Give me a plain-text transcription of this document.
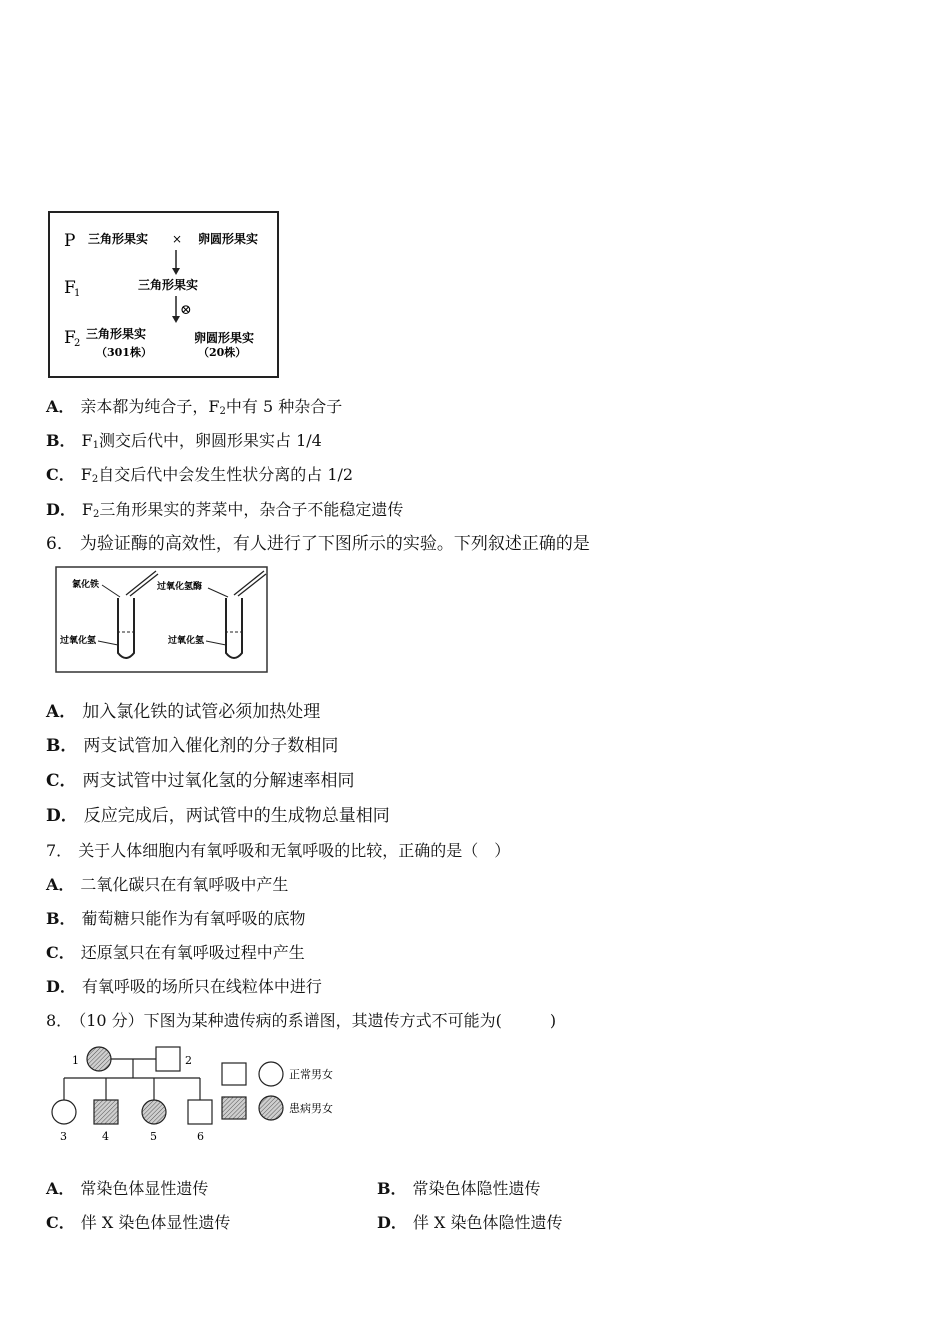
P 三角形果实 × 卵圆形果实
F
1
三角形果实
⊗
F
2
三角形果实
（301株）
卵圆形果实
（20株）
A． 亲本都为纯合子，$F_2$中有 5 种杂合子
B． $F_1$测交后代中，卵圆形果实占 1/4
C． $F_2$自交后代中会发生性状分离的占 1/2
D． $F_2$三角形果实的荠菜中，杂合子不能稳定遗传
6． 为验证酶的高效性，有人进行了下图所示的实验。下列叙述正确的是
氯化铁
过氧化氢
过氧化氢酶
过氧化氢
A． 加入氯化铁的试管必须加热处理
B． 两支试管加入催化剂的分子数相同
C． 两支试管中过氧化氢的分解速率相同
D． 反应完成后，两试管中的生成物总量相同
7． 关于人体细胞内有氧呼吸和无氧呼吸的比较，正确的是（　）
A． 二氧化碳只在有氧呼吸中产生
B． 葡萄糖只能作为有氧呼吸的底物
C． 还原氢只在有氧呼吸过程中产生
D． 有氧呼吸的场所只在线粒体中进行
8． （10 分）下图为某种遗传病的系谱图，其遗传方式不可能为(　　　)
1	2
3	4	5	6
正常男女
患病男女
A． 常染色体显性遗传	B． 常染色体隐性遗传
C． 伴 X 染色体显性遗传	D． 伴 X 染色体隐性遗传
